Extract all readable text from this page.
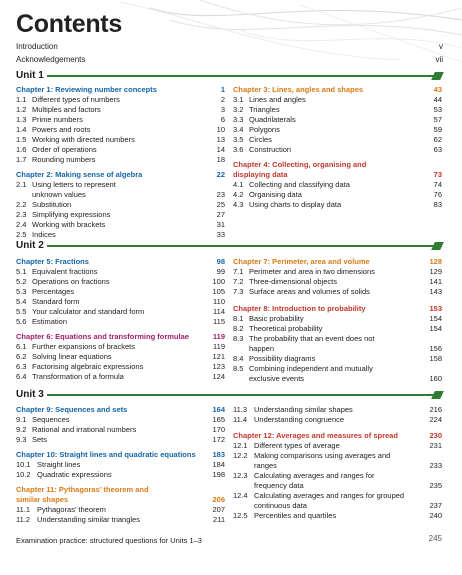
Contents
Introduction	v
Acknowledgements	vii
Unit 1
Chapter 1: Reviewing number concepts	1
1.1 Different types of numbers	2
1.2 Multiples and factors	3
1.3 Prime numbers	6
1.4 Powers and roots	10
1.5 Working with directed numbers	13
1.6 Order of operations	14
1.7 Rounding numbers	18
Chapter 2: Making sense of algebra	22
2.1 Using letters to represent unknown values	23
2.2 Substitution	25
2.3 Simplifying expressions	27
2.4 Working with brackets	31
2.5 Indices	33
Chapter 3: Lines, angles and shapes	43
3.1 Lines and angles	44
3.2 Triangles	53
3.3 Quadrilaterals	57
3.4 Polygons	59
3.5 Circles	62
3.6 Construction	63
Chapter 4: Collecting, organising and displaying data	73
4.1 Collecting and classifying data	74
4.2 Organising data	76
4.3 Using charts to display data	83
Unit 2
Chapter 5: Fractions	98
5.1 Equivalent fractions	99
5.2 Operations on fractions	100
5.3 Percentages	105
5.4 Standard form	110
5.5 Your calculator and standard form	114
5.6 Estimation	115
Chapter 6: Equations and transforming formulae	119
6.1 Further expansions of brackets	119
6.2 Solving linear equations	121
6.3 Factorising algebraic expressions	123
6.4 Transformation of a formula	124
Chapter 7: Perimeter, area and volume	128
7.1 Perimeter and area in two dimensions	129
7.2 Three-dimensional objects	141
7.3 Surface areas and volumes of solids	143
Chapter 8: Introduction to probability	153
8.1 Basic probability	154
8.2 Theoretical probability	154
8.3 The probability that an event does not happen	156
8.4 Possibility diagrams	158
8.5 Combining independent and mutually exclusive events	160
Unit 3
Chapter 9: Sequences and sets	164
9.1 Sequences	165
9.2 Rational and irrational numbers	170
9.3 Sets	172
Chapter 10: Straight lines and quadratic equations 183
10.1 Straight lines	184
10.2 Quadratic expressions	198
Chapter 11: Pythagoras’ theorem and similar shapes	206
11.1 Pythagoras’ theorem	207
11.2 Understanding similar triangles	211
11.3 Understanding similar shapes	216
11.4 Understanding congruence	224
Chapter 12: Averages and measures of spread	230
12.1 Different types of average	231
12.2 Making comparisons using averages and ranges	233
12.3 Calculating averages and ranges for frequency data	235
12.4 Calculating averages and ranges for grouped continuous data	237
12.5 Percentiles and quartiles	240
Examination practice: structured questions for Units 1–3	245
